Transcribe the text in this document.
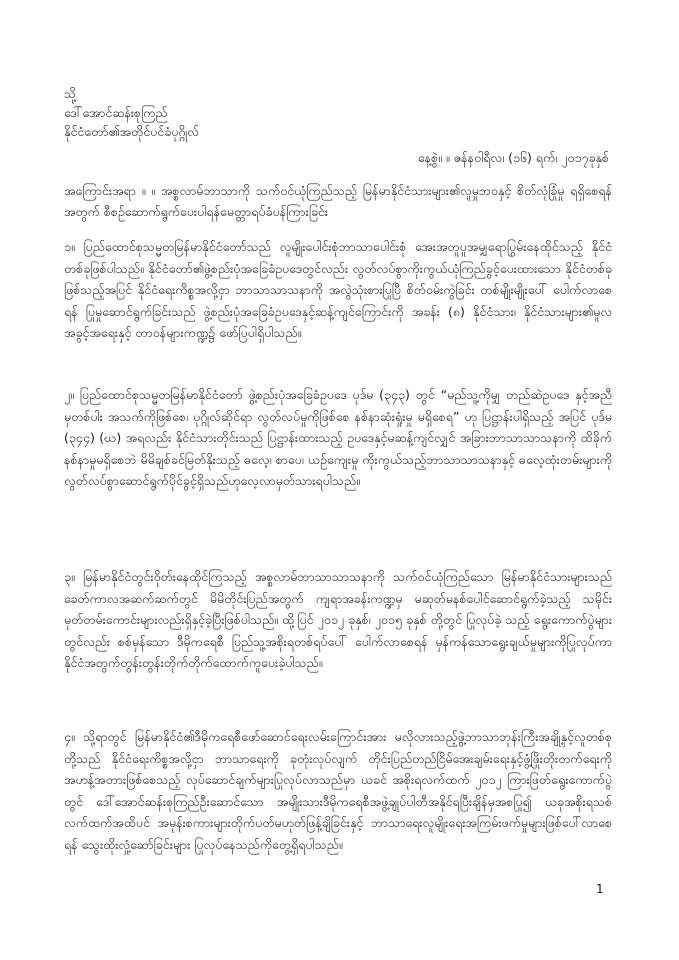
သို့
ဒေါ်အောင်ဆန်းစုကြည်
နိုင်ငံတော်၏အတိုင်ပင်ခံပုဂ္ဂိုလ်
နေ့စွဲ။ ။ ဇန်နဝါရီလ၊ (၁၆) ရက်၊ ၂၀၁၇ခုနှစ်
အကြောင်းအရာ ။ ။ အစ္စလာမ်ဘာသာကို သက်ဝင်ယုံကြည်သည့် မြန်မာနိုင်ငံသားများ၏လူမှုဘဝနှင့် စိတ်လုံခြုံမှု ရရှိစေရန်အတွက် စီစဉ်ဆောက်ရွက်ပေးပါရန်မေတ္တာရပ်ခံပန်ကြားခြင်း
၁။ ပြည်ထောင်စုသမ္မတမြန်မာနိုင်ငံတော်သည် လူမျိုးပေါင်းစုံဘာသာပေါင်းစုံ အေးအတူပူအမျှရောပြွမ်းနေထိုင်သည့် နိုင်ငံတစ်ခုဖြစ်ပါသည်။ နိုင်ငံတော်၏ဖွဲ့စည်းပုံအခြေခံဥပဒေတွင်လည်း လွတ်လပ်စွာကိုးကွယ်ယုံကြည်ခွင့်ပေးထားသော နိုင်ငံတစ်ခုဖြစ်သည့်အပြင် နိုင်ငံရေးကိစ္စအလို့ငှာ ဘာသာသာသနာကို အလွဲသုံးစားပြုပြီ စိတ်ဝမ်းကွဲခြင်း တစ်မျိုးမျိုးပေါ် ပေါက်လာစေရန် ပြုမှုဆောင်ရွက်ခြင်းသည် ဖွဲ့စည်းပုံအခြေခံဥပဒေနှင့်ဆန့်ကျင်ကြောင်းကို အခန်း (၈) နိုင်ငံသား၊ နိုင်ငံသားများ၏မူလအခွင့်အရေးနှင့် တာဝန်များကဏ္ဍ၌ ဖော်ပြပါရှိပါသည်။
၂။ ပြည်ထောင်စုသမ္မတမြန်မာနိုင်ငံတော် ဖွဲ့စည်းပုံအခြေခံဥပဒေ ပုဒ်မ (၃၄၃) တွင် “မည်သူ့ကိုမျှ တည်ဆဲဥပဒေ နှင့်အညီမှတစ်ပါး အသက်ကိုဖြစ်စေ၊ ပုဂ္ဂိုလ်ဆိုင်ရာ လွတ်လပ်မှုကိုဖြစ်စေ နစ်နာဆုံးရှုံးမှု မရှိစေရ” ဟု ပြဋ္ဌာန်းပါရှိသည့် အပြင် ပုဒ်မ (၃၄၄) (ဃ) အရလည်း နိုင်ငံသားတိုင်းသည် ပြဋ္ဌာန်းထားသည့် ဥပဒေနှင့်မဆန့်ကျင်လျှင် အခြားဘာသာသာသနာကို ထိခိုက်နစ်နာမှုမရှိစေဘဲ မိမိချစ်ခင်မြတ်နိုးသည့် ဓလေ့၊ စာပေ၊ ယဉ်ကျေးမှု ကိုးကွယ်သည့်ဘာသာသာသနာနှင့် ဓလေ့ထုံးတမ်းများကို လွတ်လပ်စွာဆောင်ရွက်ပိုင်ခွင့်ရှိသည်ဟုလေ့လာမှတ်သားရပါသည်။
၃။ မြန်မာနိုင်ငံတွင်းဝိုတ်းနေထိုင်ကြသည့် အစ္စလာမ်ဘာသာသာသနာကို သက်ဝင်ယုံကြည်သော မြန်မာနိုင်ငံသားများသည် ခေတ်ကာလအဆက်ဆက်တွင် မိမိတိုင်းပြည်အတွက် ကျရာအခန်းကဏ္ဍမှ မဆုတ်မနစ်ပေါင်ဆောင်ရွက်ခဲ့သည့် သမိုင်းမှတ်တမ်းကောင်းများလည်းရှိနှင့်ခဲ့ပြီးဖြစ်ပါသည်။ ထို့ပြင် ၂၀၁၂ ခုနှစ်၊ ၂၀၁၅ ခုနှစ် တို့တွင် ပြုလုပ်ခဲ့ သည့် ရွေးကောက်ပွဲများတွင်လည်း စစ်မှန်သော ဒီမိုကရေစီ ပြည်သူ့အစိုးရတစ်ရပ်ပေါ် ပေါက်လာစေရန် မှန်ကန်သောရွေးချယ်မှုများကိုပြုလုပ်ကာ နိုင်ငံအတွက်တွန်းတွန်းတိုက်တိုက်ထောက်ကူပေးခဲ့ပါသည်။
၄။ သို့ရာတွင် မြန်မာနိုင်ငံ၏ဒီမိုကရေစီဖော်ဆောင်ရေးလမ်းကြောင်းအား မလိုလားသည့်ဖွဲ့ဘာသာဘုန်းကြီးအချို့နှင့်လူတစ်စုတို့သည် နိုင်ငံရေးကိစ္စအလို့ငှာ ဘာသာရေးကို ခုတုံးလုပ်လျက် တိုင်းပြည်တည်ငြိမ်အေးချမ်းရေးနှင့်ဖွံ့ဖြိုးတိုးတက်ရေးကို အဟန့်အတားဖြစ်စေသည့် လုပ်ဆောင်ချက်များပြုလုပ်လာသည်မှာ ယခင် အစိုးရလက်ထက် ၂၀၁၂ ကြားဖြတ်ရွေးကောက်ပွဲတွင် ဒေါ်အောင်ဆန်းစုကြည်ဦးဆောင်သော အမျိုးသားဒီမိုကရေစီအဖွဲ့ချုပ်ပါတီအနိုင်ရပြီးချိန်မှအစပြု၍ ယခုအစိုးရသစ်လက်ထက်အထိပင် အမုန်းစကားများတိုက်ပတ်မဟုတ်ဖြန့်ချိခြင်းနှင့် ဘာသာရေးလူမျိုးရေးအကြမ်းဖက်မှုများဖြစ်ပေါ်လာစေရန် သွေးထိုးလှုံ့ဆော်ခြင်းများ ပြုလုပ်နေသည်ကိုတွေ့ရှိရပါသည်။
1
